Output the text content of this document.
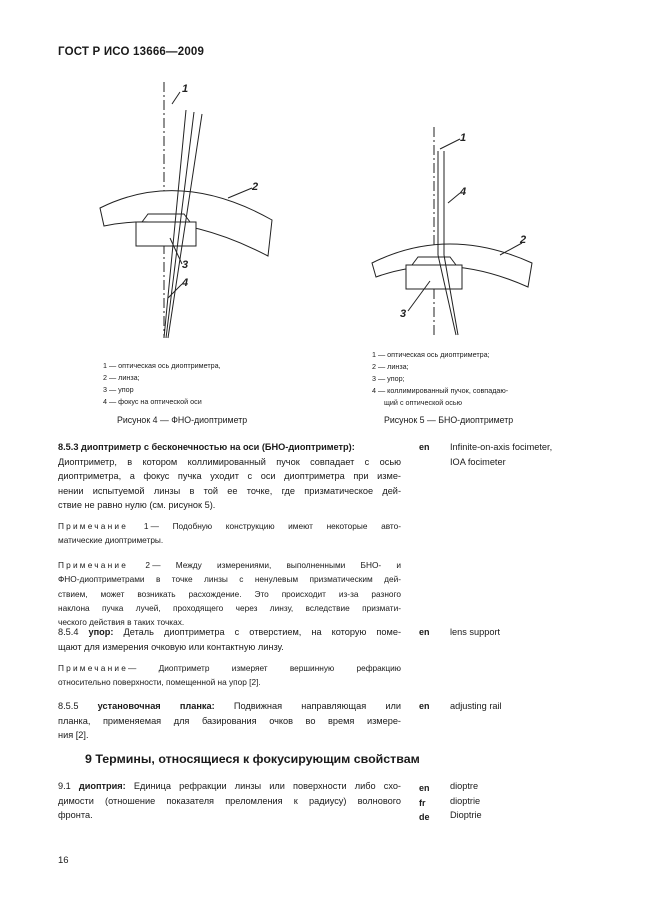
ГОСТ Р ИСО 13666—2009
1
2
3
4
1 — оптическая ось диоптриметра,
2 — линза;
3 — упор
4 — фокус на оптической оси
Рисунок 4 — ФНО-диоптриметр
1
2
3
4
1 — оптическая ось диоптриметра;
2 — линза;
3 — упор;
4 — коллимированный пучок, совпадаю-
щий с оптической осью
Рисунок 5 — БНО-диоптриметр
8.5.3 диоптриметр с бесконечностью на оси (БНО-диоптриметр):
Диоптриметр, в котором коллимированный пучок совпадает с осью
диоптриметра, а фокус пучка уходит с оси диоптриметра при изме-
нении испытуемой линзы в той ее точке, где призматическое дей-
ствие не равно нулю (см. рисунок 5).
en Infinite-on-axis focimeter,
IOA focimeter
Примечание 1— Подобную конструкцию имеют некоторые авто-
матические диоптриметры.
Примечание 2— Между измерениями, выполненными БНО- и
ФНО-диоптриметрами в точке линзы с ненулевым призматическим дей-
ствием, может возникать расхождение. Это происходит из-за разного
наклона пучка лучей, проходящего через линзу, вследствие призмати-
ческого действия в таких точках.
8.5.4 упор: Деталь диоптриметра с отверстием, на которую поме-
щают для измерения очковую или контактную линзу.
en lens support
Примечание— Диоптриметр измеряет вершинную рефракцию
относительно поверхности, помещенной на упор [2].
8.5.5 установочная планка: Подвижная направляющая или
планка, применяемая для базирования очков во время измере-
ния [2].
en adjusting rail
9 Термины, относящиеся к фокусирующим свойствам
9.1 диоптрия: Единица рефракции линзы или поверхности либо схо-
димости (отношение показателя преломления к радиусу) волнового
фронта.
en
fr
de
dioptre
dioptrie
Dioptrie
16
